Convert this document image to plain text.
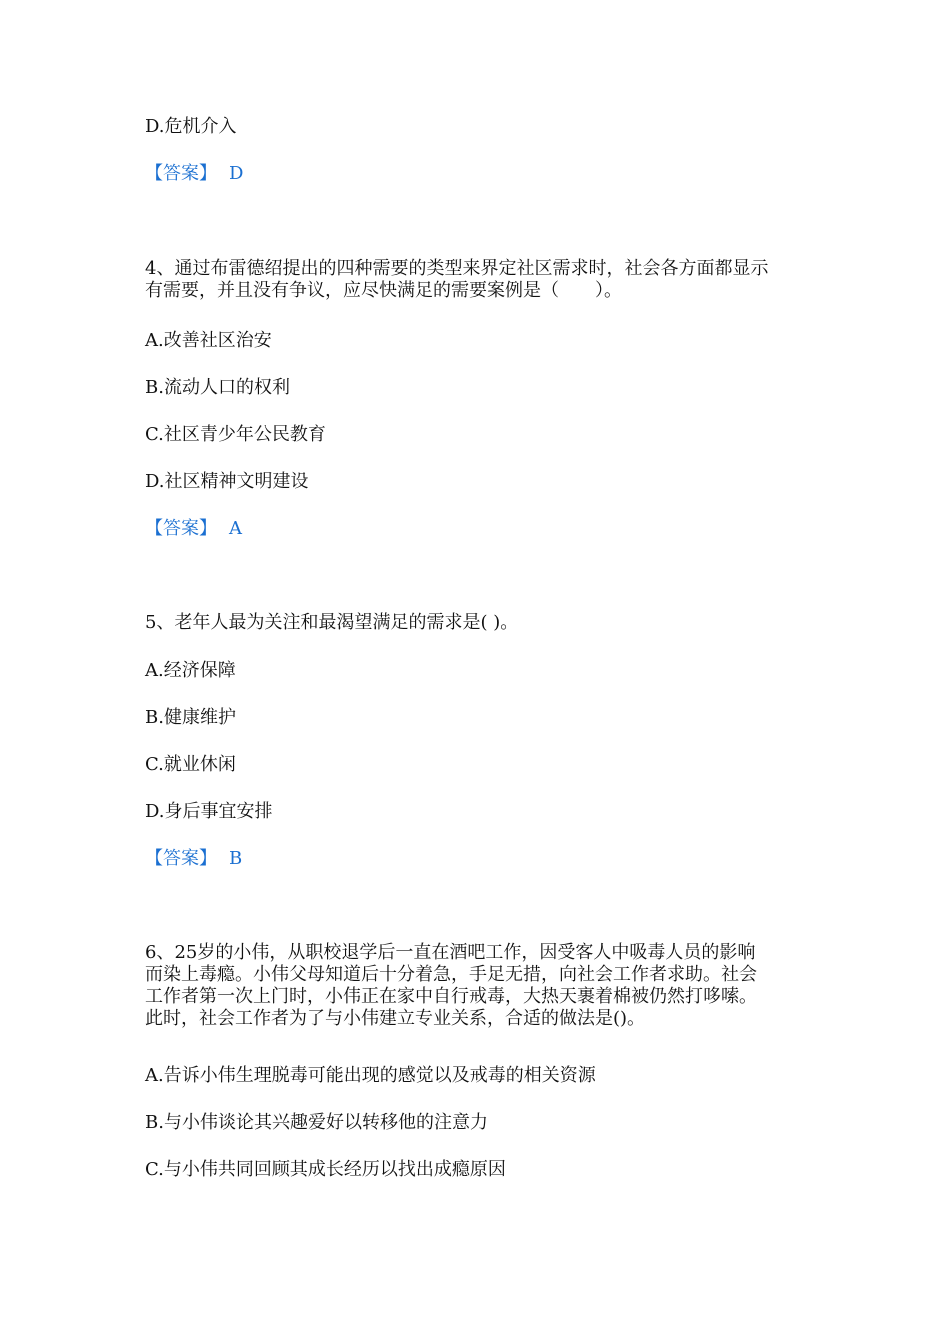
D.危机介入
【答案】 D
4、通过布雷德绍提出的四种需要的类型来界定社区需求时，社会各方面都显示
有需要，并且没有争议，应尽快满足的需要案例是（　　）。
A.改善社区治安
B.流动人口的权利
C.社区青少年公民教育
D.社区精神文明建设
【答案】 A
5、老年人最为关注和最渴望满足的需求是( )。
A.经济保障
B.健康维护
C.就业休闲
D.身后事宜安排
【答案】 B
6、25岁的小伟，从职校退学后一直在酒吧工作，因受客人中吸毒人员的影响
而染上毒瘾。小伟父母知道后十分着急，手足无措，向社会工作者求助。社会
工作者第一次上门时，小伟正在家中自行戒毒，大热天裹着棉被仍然打哆嗦。
此时，社会工作者为了与小伟建立专业关系，合适的做法是()。
A.告诉小伟生理脱毒可能出现的感觉以及戒毒的相关资源
B.与小伟谈论其兴趣爱好以转移他的注意力
C.与小伟共同回顾其成长经历以找出成瘾原因
